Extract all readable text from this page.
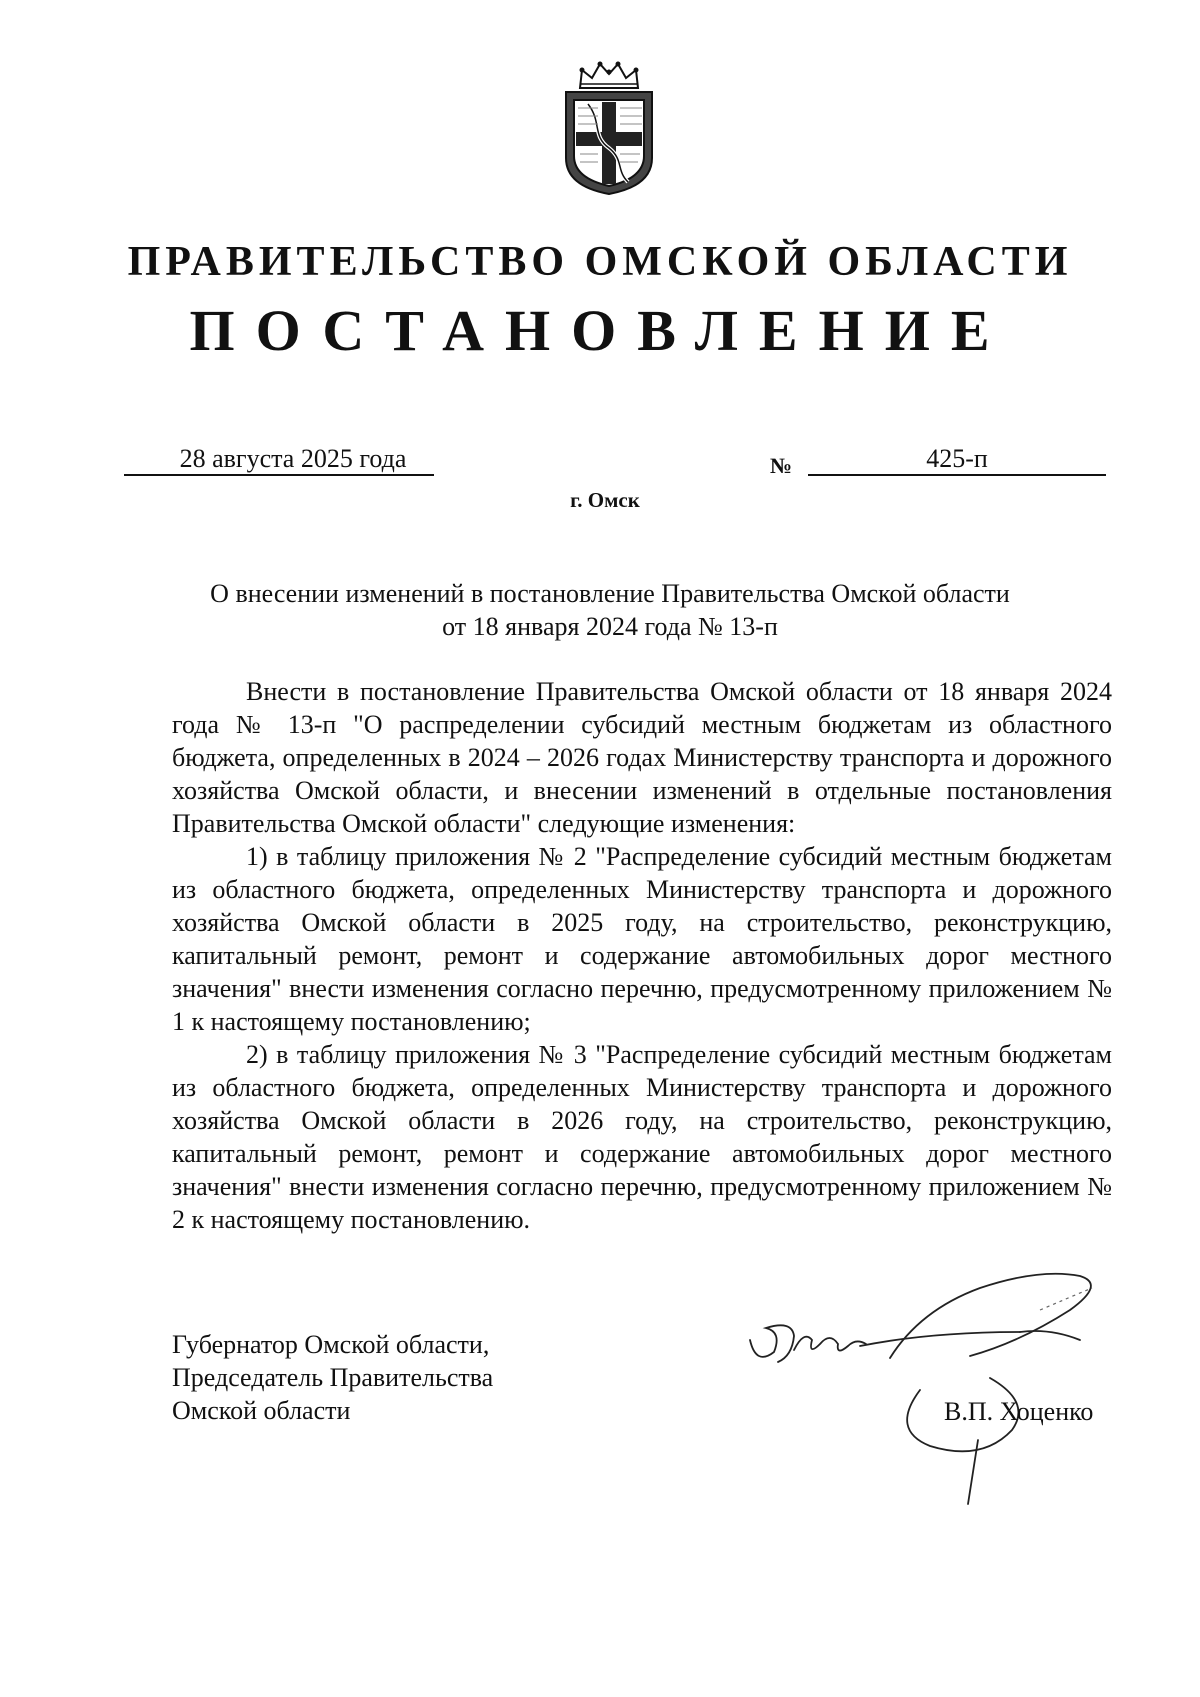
ПРАВИТЕЛЬСТВО ОМСКОЙ ОБЛАСТИ
ПОСТАНОВЛЕНИЕ
28 августа 2025 года	№	425-п
г. Омск
О внесении изменений в постановление Правительства Омской области
от 18 января 2024 года № 13-п

Внести в постановление Правительства Омской области от 18 января 2024 года № 13-п "О распределении субсидий местным бюджетам из областного бюджета, определенных в 2024 – 2026 годах Министерству транспорта и дорожного хозяйства Омской области, и внесении изменений в отдельные постановления Правительства Омской области" следующие изменения:

1) в таблицу приложения № 2 "Распределение субсидий местным бюджетам из областного бюджета, определенных Министерству транспорта и дорожного хозяйства Омской области в 2025 году, на строительство, реконструкцию, капитальный ремонт, ремонт и содержание автомобильных дорог местного значения" внести изменения согласно перечню, предусмотренному приложением № 1 к настоящему постановлению;

2) в таблицу приложения № 3 "Распределение субсидий местным бюджетам из областного бюджета, определенных Министерству транспорта и дорожного хозяйства Омской области в 2026 году, на строительство, реконструкцию, капитальный ремонт, ремонт и содержание автомобильных дорог местного значения" внести изменения согласно перечню, предусмотренному приложением № 2 к настоящему постановлению.

Губернатор Омской области,
Председатель Правительства
Омской области	В.П. Хоценко
